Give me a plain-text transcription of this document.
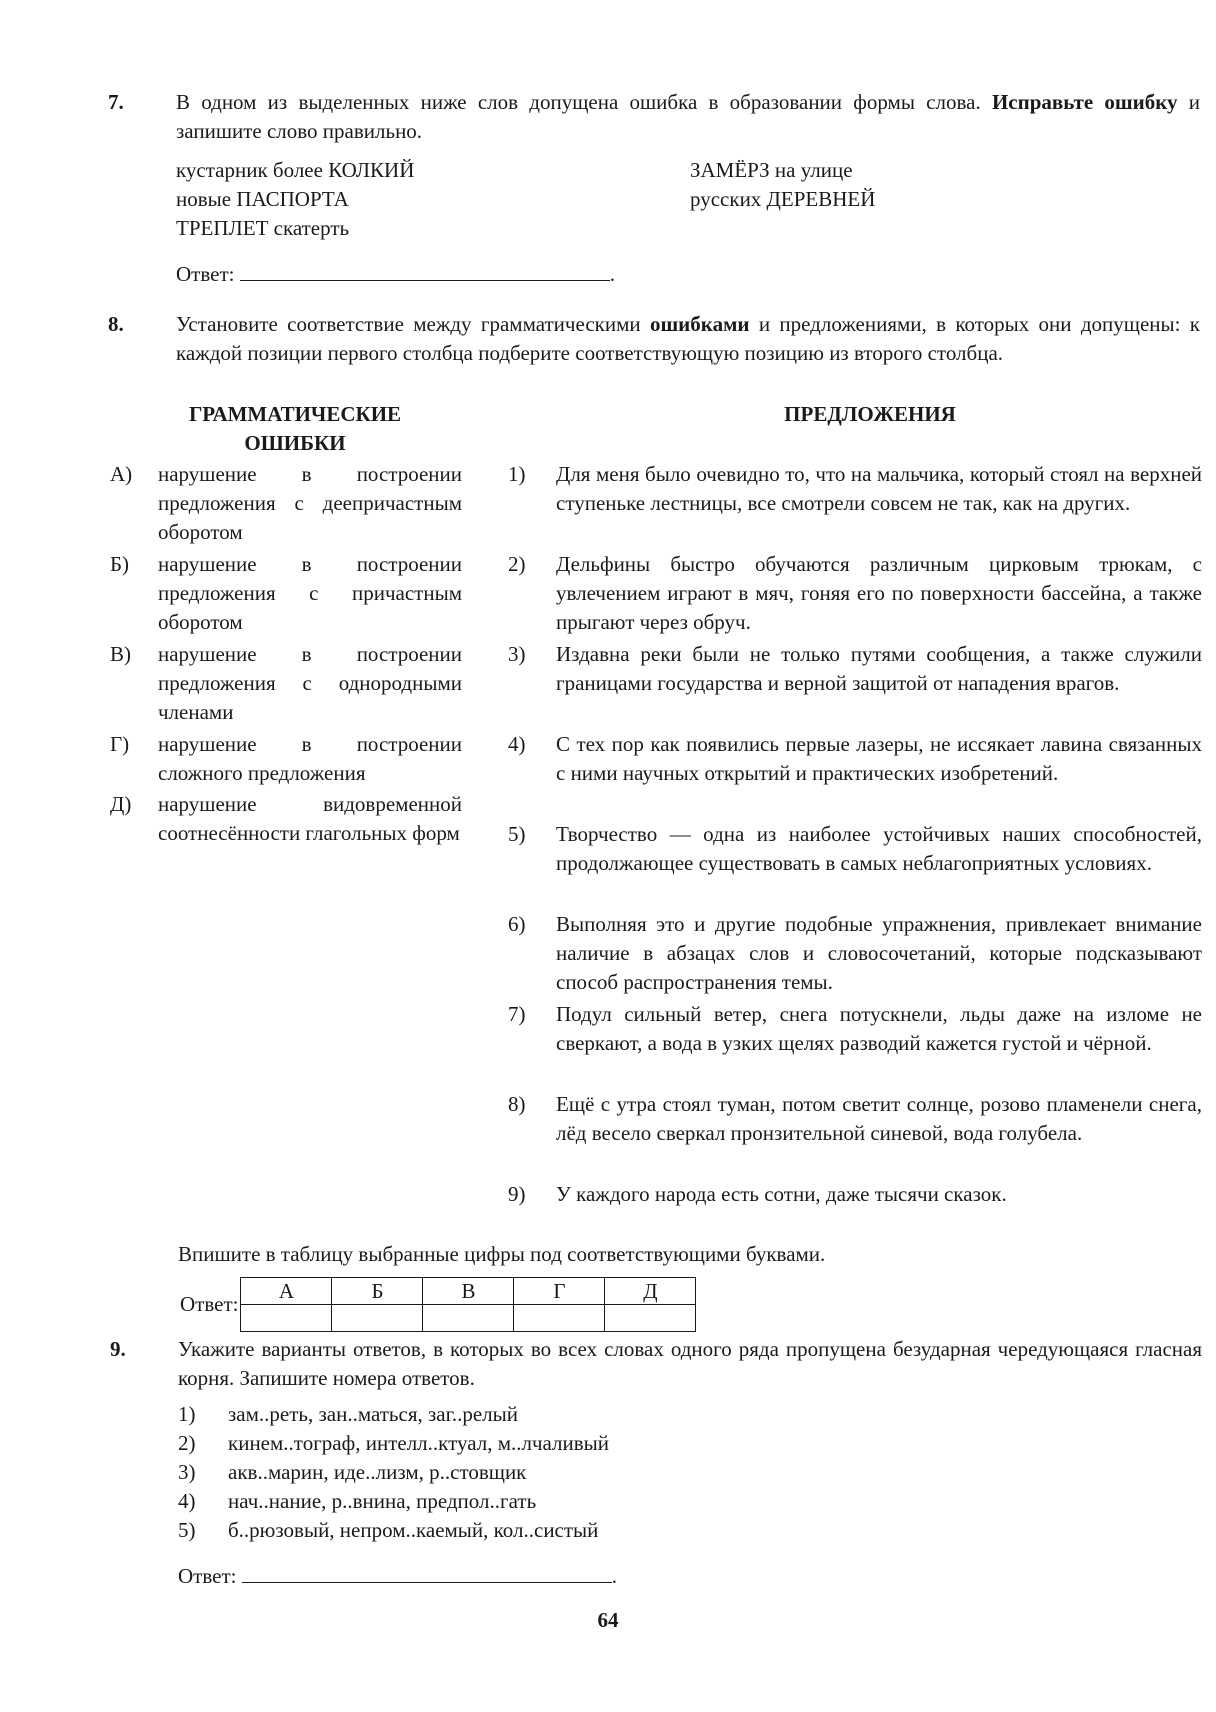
7. В одном из выделенных ниже слов допущена ошибка в образовании формы слова. Исправьте ошибку и запишите слово правильно.
кустарник более КОЛКИЙ
новые ПАСПОРТА
ТРЕПЛЕТ скатерть
ЗАМЁРЗ на улице
русских ДЕРЕВНЕЙ
Ответ:	.
8. Установите соответствие между грамматическими ошибками и предложениями, в которых они допущены: к каждой позиции первого столбца подберите соответствующую позицию из второго столбца.
ГРАММАТИЧЕСКИЕ ОШИБКИ
ПРЕДЛОЖЕНИЯ
А)	нарушение в построении предложения с деепричастным оборотом
Б)	нарушение в построении предложения с причастным оборотом
В)	нарушение в построении предложения с однородными членами
Г)	нарушение в построении сложного предложения
Д)	нарушение видовременной соотнесённости глагольных форм
1)	Для меня было очевидно то, что на мальчика, который стоял на верхней ступеньке лестницы, все смотрели совсем не так, как на других.
2)	Дельфины быстро обучаются различным цирковым трюкам, с увлечением играют в мяч, гоняя его по поверхности бассейна, а также прыгают через обруч.
3)	Издавна реки были не только путями сообщения, а также служили границами государства и верной защитой от нападения врагов.
4)	С тех пор как появились первые лазеры, не иссякает лавина связанных с ними научных открытий и практических изобретений.
5)	Творчество — одна из наиболее устойчивых наших способностей, продолжающее существовать в самых неблагоприятных условиях.
6)	Выполняя это и другие подобные упражнения, привлекает внимание наличие в абзацах слов и словосочетаний, которые подсказывают способ распространения темы.
7)	Подул сильный ветер, снега потускнели, льды даже на изломе не сверкают, а вода в узких щелях разводий кажется густой и чёрной.
8)	Ещё с утра стоял туман, потом светит солнце, розово пламенели снега, лёд весело сверкал пронзительной синевой, вода голубела.
9)	У каждого народа есть сотни, даже тысячи сказок.
Впишите в таблицу выбранные цифры под соответствующими буквами.
Ответ:
А	Б	В	Г	Д

9. Укажите варианты ответов, в которых во всех словах одного ряда пропущена безударная чередующаяся гласная корня. Запишите номера ответов.
1)	зам..реть, зан..маться, заг..релый
2)	кинем..тограф, интелл..ктуал, м..лчаливый
3)	акв..марин, иде..лизм, р..стовщик
4)	нач..нание, р..внина, предпол..гать
5)	б..рюзовый, непром..каемый, кол..систый
Ответ:	.
64
